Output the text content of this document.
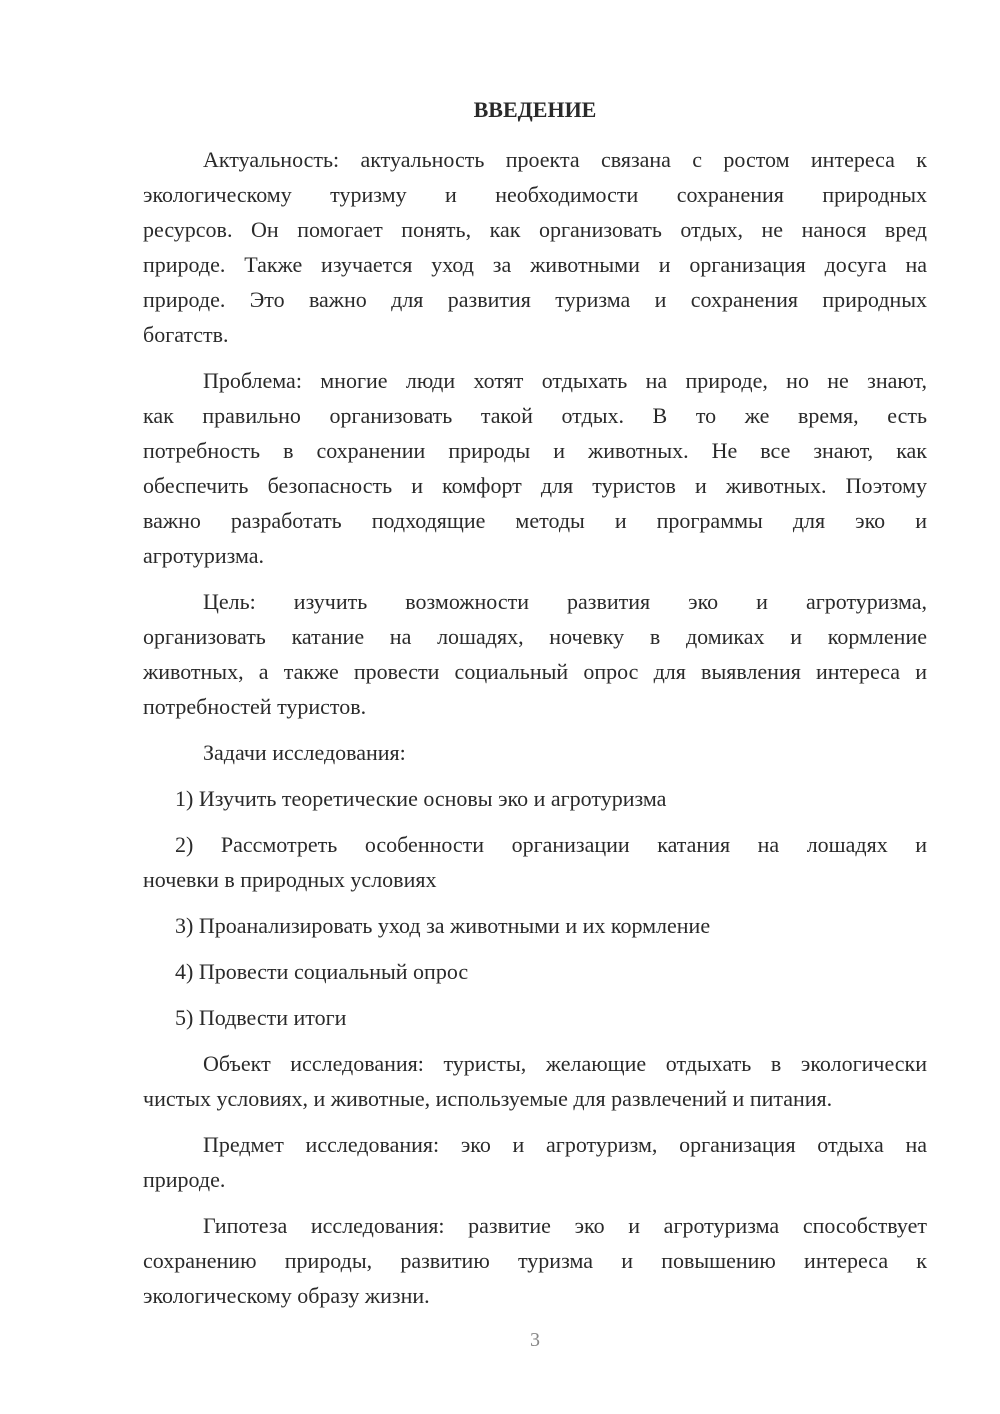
ВВЕДЕНИЕ
Актуальность: актуальность проекта связана с ростом интереса к
экологическому туризму и необходимости сохранения природных
ресурсов. Он помогает понять, как организовать отдых, не нанося вред
природе. Также изучается уход за животными и организация досуга на
природе. Это важно для развития туризма и сохранения природных
богатств.
Проблема: многие люди хотят отдыхать на природе, но не знают,
как правильно организовать такой отдых. В то же время, есть
потребность в сохранении природы и животных. Не все знают, как
обеспечить безопасность и комфорт для туристов и животных. Поэтому
важно разработать подходящие методы и программы для эко и
агротуризма.
Цель: изучить возможности развития эко и агротуризма,
организовать катание на лошадях, ночевку в домиках и кормление
животных, а также провести социальный опрос для выявления интереса и
потребностей туристов.
Задачи исследования:
1) Изучить теоретические основы эко и агротуризма
2) Рассмотреть особенности организации катания на лошадях и
ночевки в природных условиях
3) Проанализировать уход за животными и их кормление
4) Провести социальный опрос
5) Подвести итоги
Объект исследования: туристы, желающие отдыхать в экологически
чистых условиях, и животные, используемые для развлечений и питания.
Предмет исследования: эко и агротуризм, организация отдыха на
природе.
Гипотеза исследования: развитие эко и агротуризма способствует
сохранению природы, развитию туризма и повышению интереса к
экологическому образу жизни.
3
